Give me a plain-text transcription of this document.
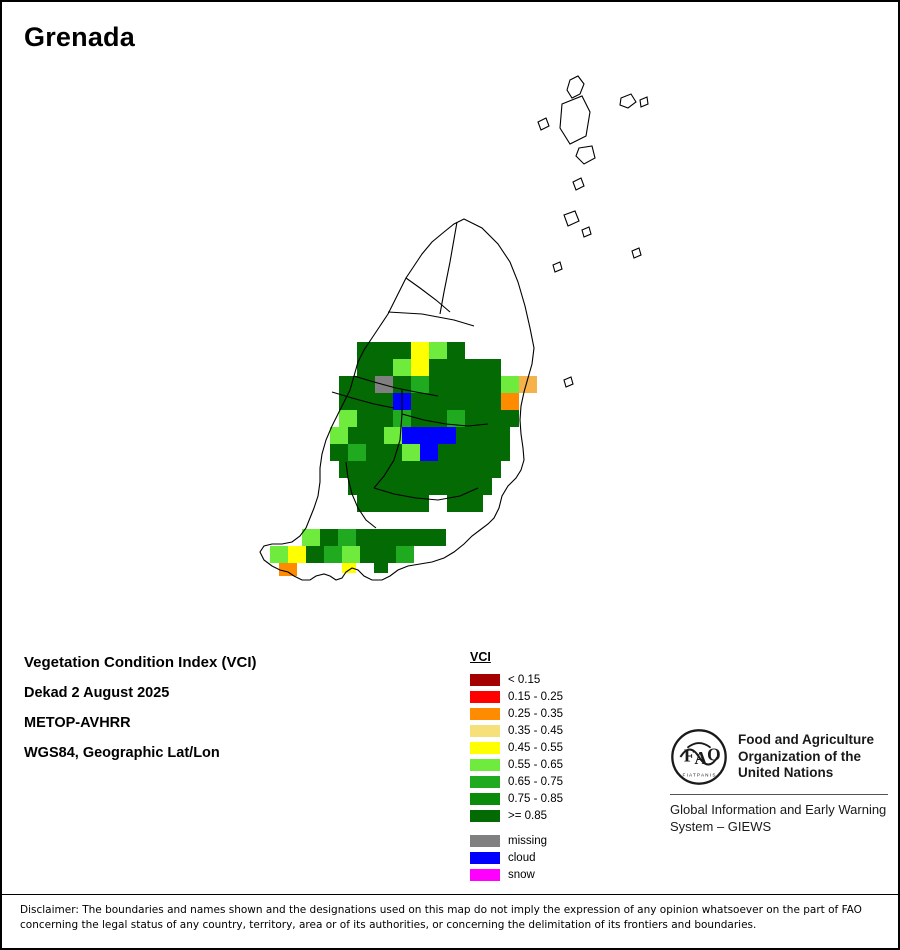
Grenada
Vegetation Condition Index (VCI)
Dekad 2 August 2025
METOP-AVHRR
WGS84, Geographic Lat/Lon
VCI
< 0.15
0.15 - 0.25
0.25 - 0.35
0.35 - 0.45
0.45 - 0.55
0.55 - 0.65
0.65 - 0.75
0.75 - 0.85
>= 0.85
missing
cloud
snow
F A O
F I A T P A N I S
Food and Agriculture Organization of the United Nations
Global Information and Early Warning System – GIEWS

Disclaimer: The boundaries and names shown and the designations used on this map do not imply the expression of any opinion whatsoever on the part of FAO concerning the legal status of any country, territory, area or of its authorities, or concerning the delimitation of its frontiers and boundaries.
